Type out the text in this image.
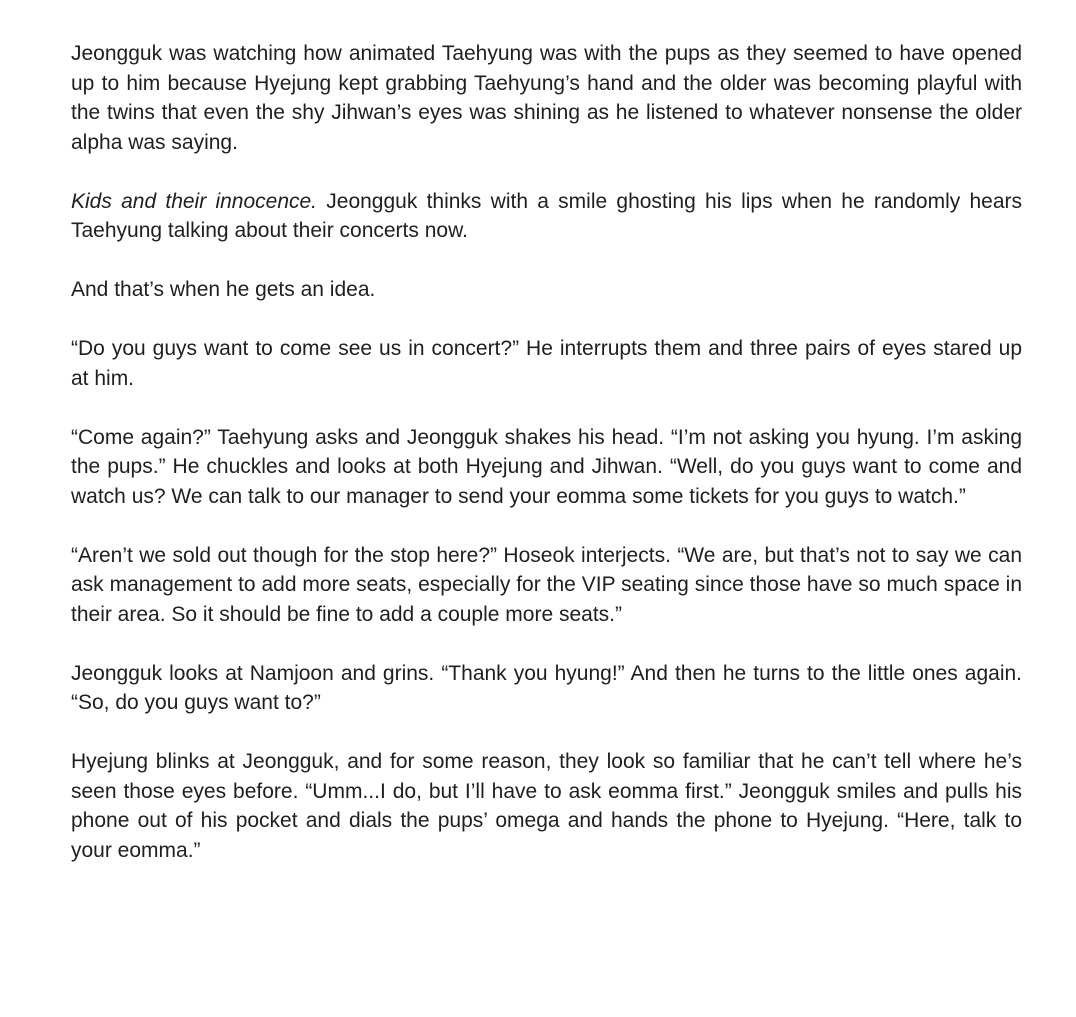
Jeongguk was watching how animated Taehyung was with the pups as they seemed to have opened up to him because Hyejung kept grabbing Taehyung’s hand and the older was becoming playful with the twins that even the shy Jihwan’s eyes was shining as he listened to whatever nonsense the older alpha was saying.

Kids and their innocence. Jeongguk thinks with a smile ghosting his lips when he randomly hears Taehyung talking about their concerts now.

And that’s when he gets an idea.

“Do you guys want to come see us in concert?” He interrupts them and three pairs of eyes stared up at him.

“Come again?” Taehyung asks and Jeongguk shakes his head. “I’m not asking you hyung. I’m asking the pups.” He chuckles and looks at both Hyejung and Jihwan. “Well, do you guys want to come and watch us? We can talk to our manager to send your eomma some tickets for you guys to watch.”

“Aren’t we sold out though for the stop here?” Hoseok interjects. “We are, but that’s not to say we can ask management to add more seats, especially for the VIP seating since those have so much space in their area. So it should be fine to add a couple more seats.”

Jeongguk looks at Namjoon and grins. “Thank you hyung!” And then he turns to the little ones again. “So, do you guys want to?”

Hyejung blinks at Jeongguk, and for some reason, they look so familiar that he can’t tell where he’s seen those eyes before. “Umm...I do, but I’ll have to ask eomma first.” Jeongguk smiles and pulls his phone out of his pocket and dials the pups’ omega and hands the phone to Hyejung. “Here, talk to your eomma.”
